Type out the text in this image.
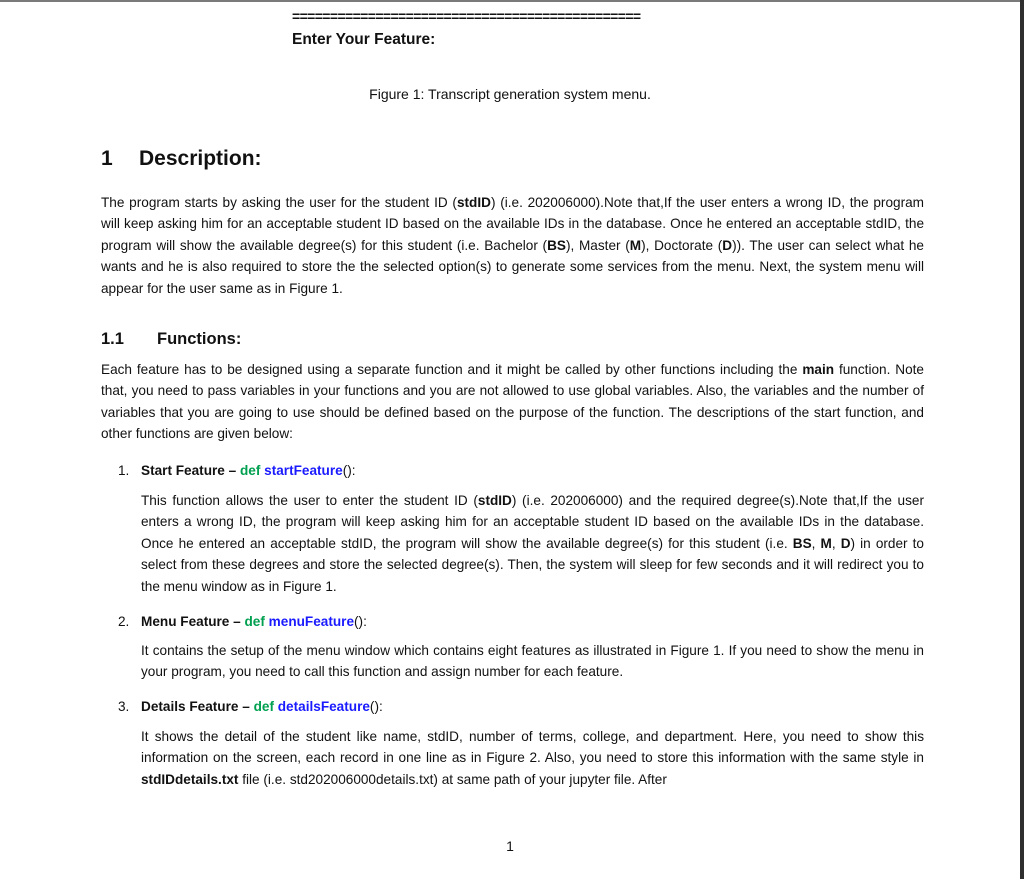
==============================================
Enter Your Feature:
Figure 1: Transcript generation system menu.
1 Description:
The program starts by asking the user for the student ID (stdID) (i.e. 202006000).Note that,If the user enters a wrong ID, the program will keep asking him for an acceptable student ID based on the available IDs in the database. Once he entered an acceptable stdID, the program will show the available degree(s) for this student (i.e. Bachelor (BS), Master (M), Doctorate (D)). The user can select what he wants and he is also required to store the the selected option(s) to generate some services from the menu. Next, the system menu will appear for the user same as in Figure 1.
1.1 Functions:
Each feature has to be designed using a separate function and it might be called by other functions including the main function. Note that, you need to pass variables in your functions and you are not allowed to use global variables. Also, the variables and the number of variables that you are going to use should be defined based on the purpose of the function. The descriptions of the start function, and other functions are given below:
1. Start Feature – def startFeature():
This function allows the user to enter the student ID (stdID) (i.e. 202006000) and the required degree(s).Note that,If the user enters a wrong ID, the program will keep asking him for an acceptable student ID based on the available IDs in the database. Once he entered an acceptable stdID, the program will show the available degree(s) for this student (i.e. BS, M, D) in order to select from these degrees and store the selected degree(s). Then, the system will sleep for few seconds and it will redirect you to the menu window as in Figure 1.
2. Menu Feature – def menuFeature():
It contains the setup of the menu window which contains eight features as illustrated in Figure 1. If you need to show the menu in your program, you need to call this function and assign number for each feature.
3. Details Feature – def detailsFeature():
It shows the detail of the student like name, stdID, number of terms, college, and department. Here, you need to show this information on the screen, each record in one line as in Figure 2. Also, you need to store this information with the same style in stdIDdetails.txt file (i.e. std202006000details.txt) at same path of your jupyter file. After
1
